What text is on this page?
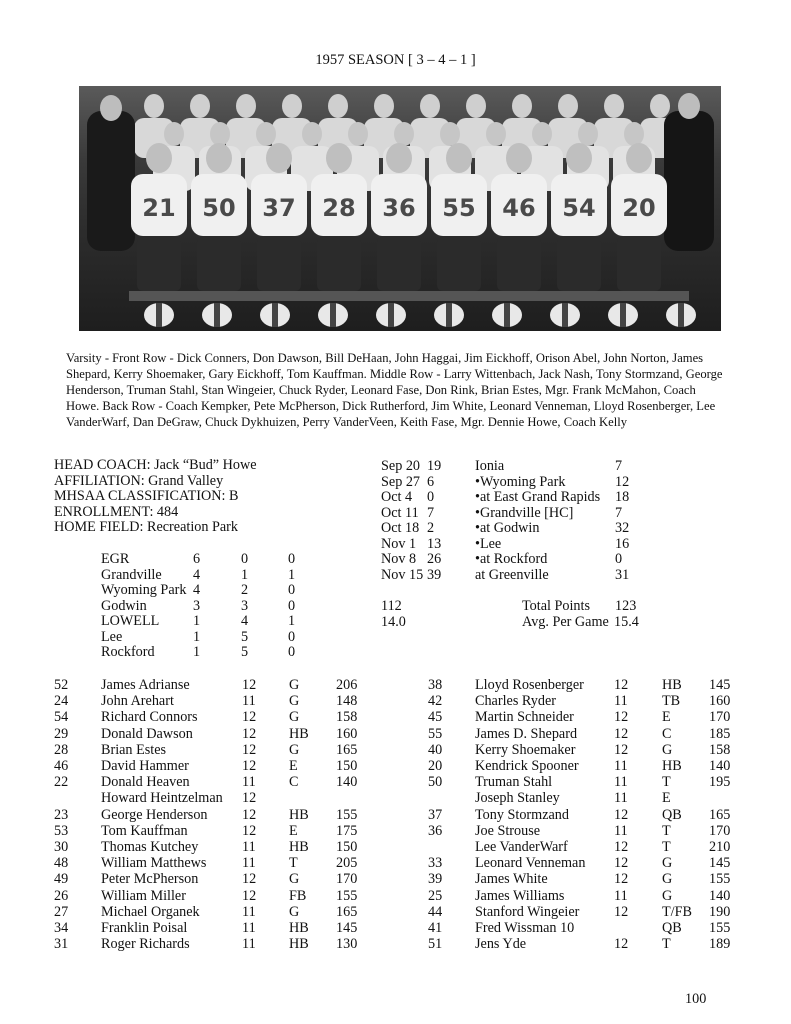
1957 SEASON [ 3 – 4 – 1 ]
21 50 37 28 36 55 46 54 20
Varsity - Front Row - Dick Conners, Don Dawson, Bill DeHaan, John Haggai, Jim Eickhoff, Orison Abel, John Norton, James Shepard, Kerry Shoemaker, Gary Eickhoff, Tom Kauffman. Middle Row - Larry Wittenbach, Jack Nash, Tony Stormzand, George Henderson, Truman Stahl, Stan Wingeier, Chuck Ryder, Leonard Fase, Don Rink, Brian Estes, Mgr. Frank McMahon, Coach Howe. Back Row - Coach Kempker, Pete McPherson, Dick Rutherford, Jim White, Leonard Venneman, Lloyd Rosenberger, Lee VanderWarf, Dan DeGraw, Chuck Dykhuizen, Perry VanderVeen, Keith Fase, Mgr. Dennie Howe, Coach Kelly
HEAD COACH: Jack “Bud” Howe
AFFILIATION: Grand Valley
MHSAA CLASSIFICATION: B
ENROLLMENT: 484
HOME FIELD: Recreation Park
EGR	6	0	0
Grandville 4	1	1
Wyoming Park 4	2	0
Godwin	3	3	0
LOWELL 1	4	1
Lee	1	5	0
Rockford	1	5	0
Sep 20 19 Ionia	7
Sep 27 6	•Wyoming Park	12
Oct 4 0	•at East Grand Rapids 18
Oct 11 7	•Grandville [HC]	7
Oct 18 2	•at Godwin	32
Nov 1 13 •Lee	16
Nov 8 26 •at Rockford	0
Nov 15 39 at Greenville	31
112	Total Points 123
14.0	Avg. Per Game 15.4
52 James Adrianse	12 G	206
24 John Arehart	11 G	148
54 Richard Connors	12 G	158
29 Donald Dawson	12 HB 160
28 Brian Estes	12 G	165
46 David Hammer	12 E	150
22 Donald Heaven	11 C	140
Howard Heintzelman 12
23 George Henderson 12 HB 155
53 Tom Kauffman	12 E	175
30 Thomas Kutchey	11 HB 150
48 William Matthews	11 T	205
49 Peter McPherson	12 G	170
26 William Miller	12 FB 155
27 Michael Organek	11 G	165
34 Franklin Poisal	11 HB 145
31 Roger Richards	11 HB 130
38 Lloyd Rosenberger 12 HB 145
42 Charles Ryder	11 TB 160
45 Martin Schneider	12 E	170
55 James D. Shepard	12 C	185
40 Kerry Shoemaker	12 G	158
20 Kendrick Spooner 11 HB 140
50 Truman Stahl	11 T	195
Joseph Stanley	11 E
37 Tony Stormzand	12 QB 165
36 Joe Strouse	11 T	170
Lee VanderWarf	12 T	210
33 Leonard Venneman 12 G	145
39 James White	12 G	155
25 James Williams	11 G	140
44 Stanford Wingeier 12 T/FB 190
41 Fred Wissman 10	QB 155
51 Jens Yde	12 T	189
100
